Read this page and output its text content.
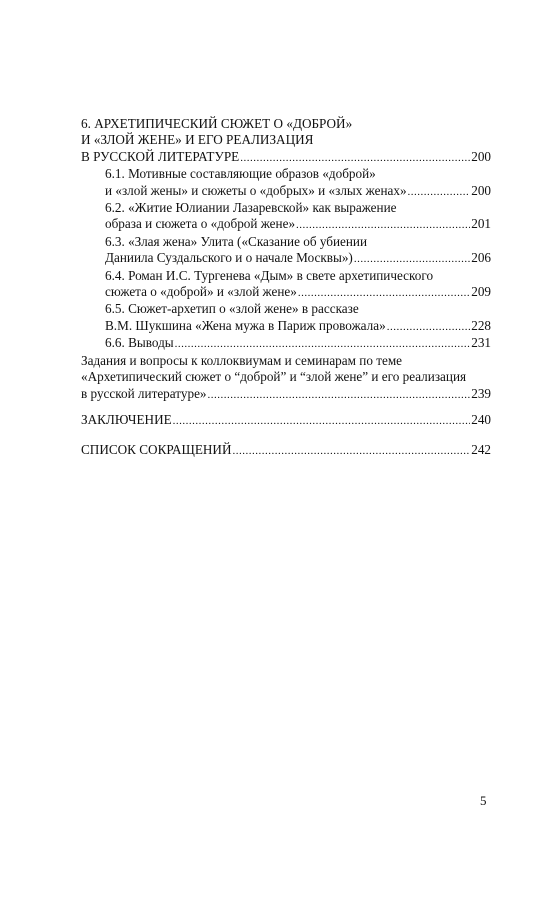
6. АРХЕТИПИЧЕСКИЙ СЮЖЕТ О «ДОБРОЙ»
И «ЗЛОЙ ЖЕНЕ» И ЕГО РЕАЛИЗАЦИЯ
В РУССКОЙ ЛИТЕРАТУРЕ .....	200
6.1. Мотивные составляющие образов «доброй»
и «злой жены» и сюжеты о «добрых» и «злых женах» .....	200
6.2. «Житие Юлиании Лазаревской» как выражение
образа и сюжета о «доброй жене» .....	201
6.3. «Злая жена» Улита («Сказание об убиении
Даниила Суздальского и о начале Москвы») .....	206
6.4. Роман И.С. Тургенева «Дым» в свете архетипического
сюжета о «доброй» и «злой жене» .....	209
6.5. Сюжет-архетип о «злой жене» в рассказе
В.М. Шукшина «Жена мужа в Париж провожала» .....	228
6.6. Выводы .....	231
Задания и вопросы к коллоквиумам и семинарам по теме
«Архетипический сюжет о “доброй” и “злой жене” и его реализация
в русской литературе» .....	239
ЗАКЛЮЧЕНИЕ .....	240
СПИСОК СОКРАЩЕНИЙ .....	242
5
